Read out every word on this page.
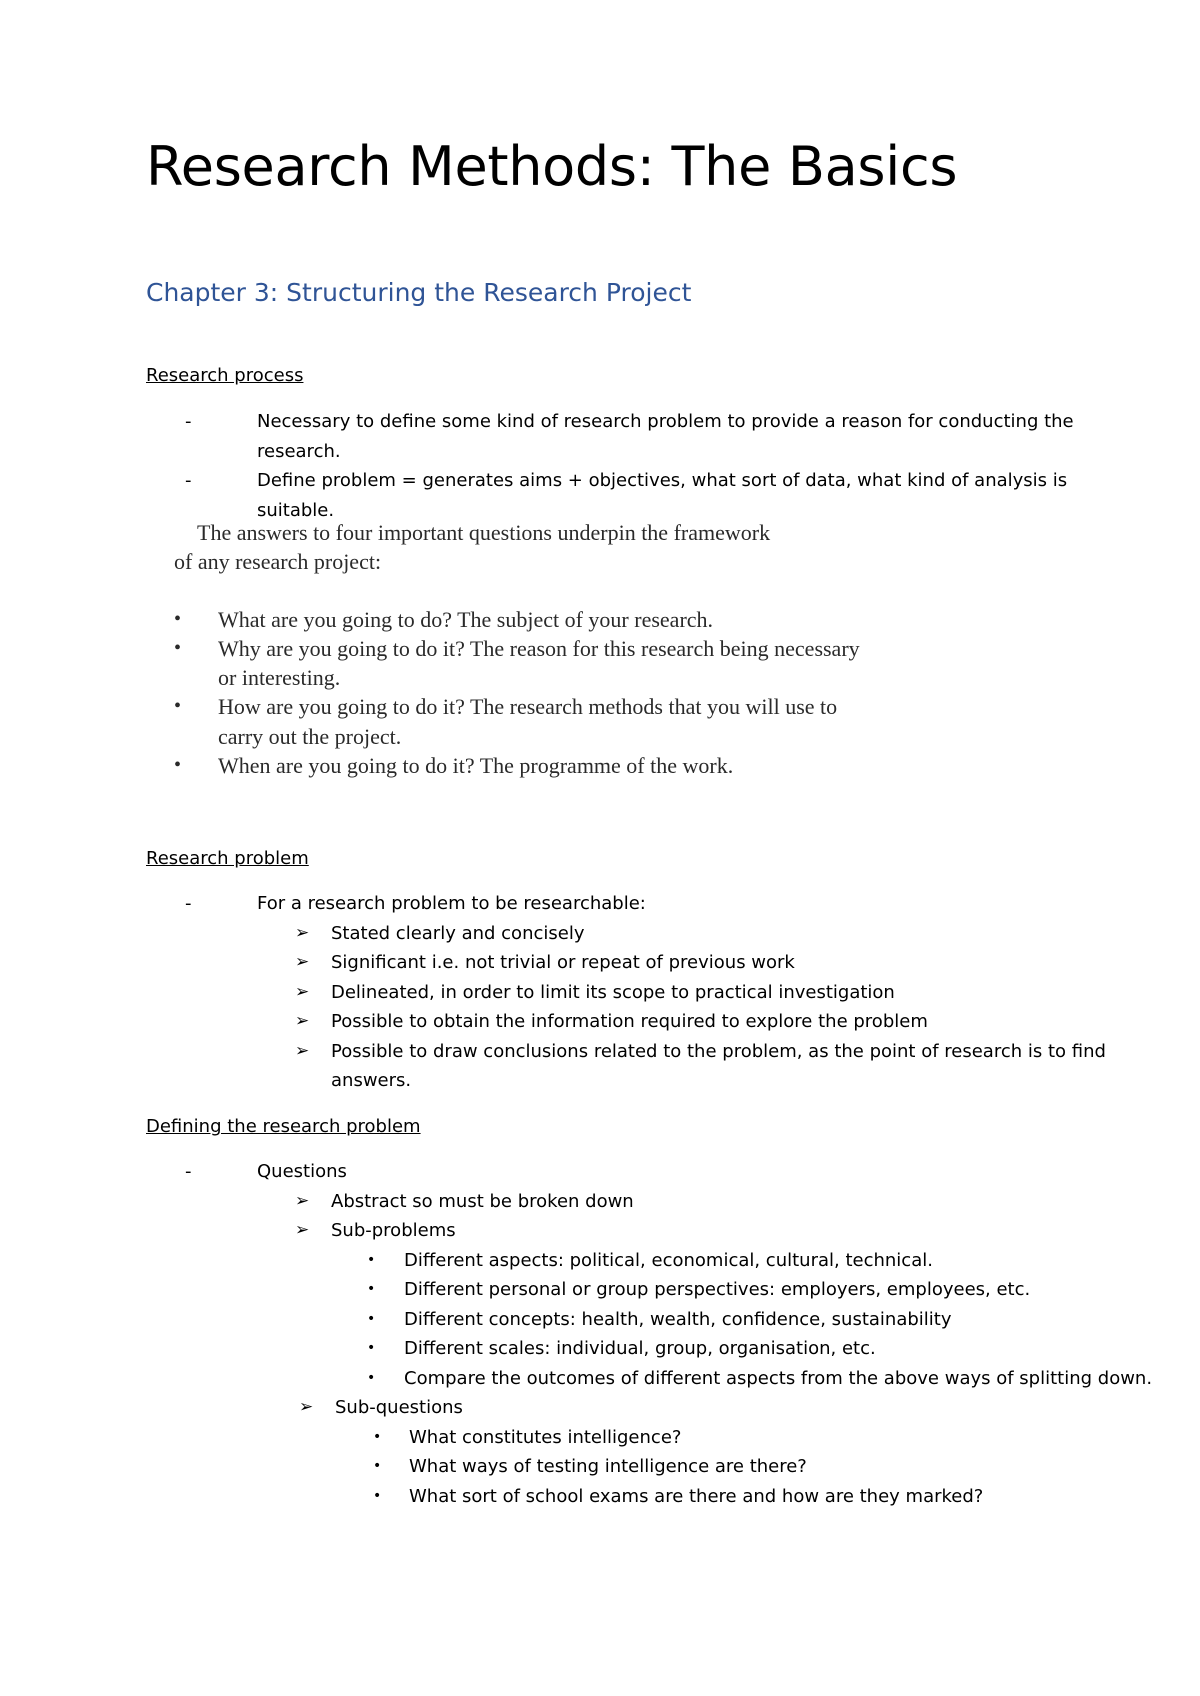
Research Methods: The Basics
Chapter 3: Structuring the Research Project
Research process
-	Necessary to define some kind of research problem to provide a reason for conducting the research.
-	Define problem = generates aims + objectives, what sort of data, what kind of analysis is suitable.
The answers to four important questions underpin the framework
of any research project:
• What are you going to do? The subject of your research.
• Why are you going to do it? The reason for this research being necessary or interesting.
• How are you going to do it? The research methods that you will use to carry out the project.
• When are you going to do it? The programme of the work.
Research problem
-	For a research problem to be researchable:
➢ Stated clearly and concisely
➢ Significant i.e. not trivial or repeat of previous work
➢ Delineated, in order to limit its scope to practical investigation
➢ Possible to obtain the information required to explore the problem
➢ Possible to draw conclusions related to the problem, as the point of research is to find answers.
Defining the research problem
-	Questions
➢ Abstract so must be broken down
➢ Sub-problems
• Different aspects: political, economical, cultural, technical.
• Different personal or group perspectives: employers, employees, etc.
• Different concepts: health, wealth, confidence, sustainability
• Different scales: individual, group, organisation, etc.
• Compare the outcomes of different aspects from the above ways of splitting down.
➢ Sub-questions
• What constitutes intelligence?
• What ways of testing intelligence are there?
• What sort of school exams are there and how are they marked?
